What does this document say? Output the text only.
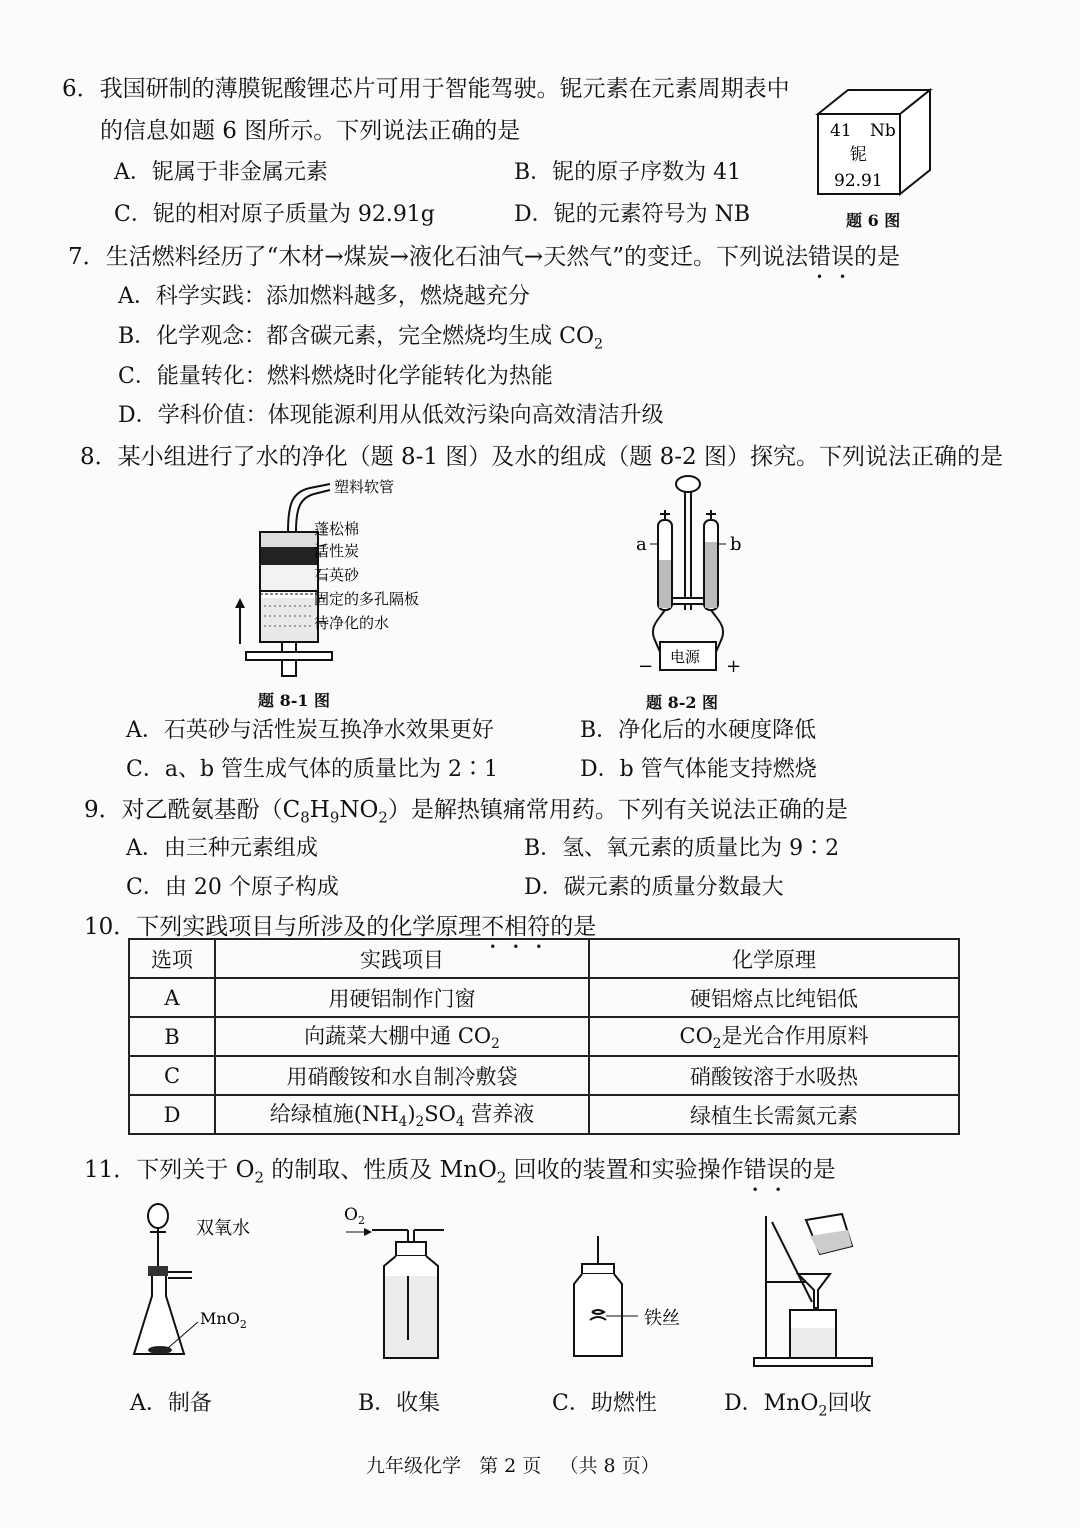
6．我国研制的薄膜铌酸锂芯片可用于智能驾驶。铌元素在元素周期表中
的信息如题 6 图所示。下列说法正确的是
A．铌属于非金属元素	B．铌的原子序数为 41
C．铌的相对原子质量为 92.91g	D．铌的元素符号为 NB
41 Nb
铌
92.91
题 6 图
7．生活燃料经历了“木材→煤炭→液化石油气→天然气”的变迁。下列说法错误的是
A．科学实践：添加燃料越多，燃烧越充分
B．化学观念：都含碳元素，完全燃烧均生成 $CO_2$
C．能量转化：燃料燃烧时化学能转化为热能
D．学科价值：体现能源利用从低效污染向高效清洁升级
8．某小组进行了水的净化（题 8-1 图）及水的组成（题 8-2 图）探究。下列说法正确的是
塑料软管
蓬松棉
活性炭
石英砂
固定的多孔隔板
待净化的水
题 8-1 图
a	b
电源
−	+
题 8-2 图
A．石英砂与活性炭互换净水效果更好	B．净化后的水硬度降低
C．a、b 管生成气体的质量比为 2∶1	D．b 管气体能支持燃烧
9．对乙酰氨基酚$(C_8H_9NO_2)$是解热镇痛常用药。下列有关说法正确的是
A．由三种元素组成	B．氢、氧元素的质量比为 9∶2
C．由 20 个原子构成	D．碳元素的质量分数最大
10．下列实践项目与所涉及的化学原理不相符的是
选项	实践项目	化学原理
A	用硬铝制作门窗	硬铝熔点比纯铝低
B	向蔬菜大棚中通 $CO_2$	$CO_2$是光合作用原料
C	用硝酸铵和水自制冷敷袋	硝酸铵溶于水吸热
D	给绿植施$(NH_4)_2SO_4$ 营养液	绿植生长需氮元素
11．下列关于 $O_2$ 的制取、性质及 MnO$_2$ 回收的装置和实验操作错误的是
双氧水
MnO$_2$
$O_2$
铁丝
A．制备	B．收集	C．助燃性	D．MnO$_2$回收
九年级化学 第 2 页 （共 8 页）
